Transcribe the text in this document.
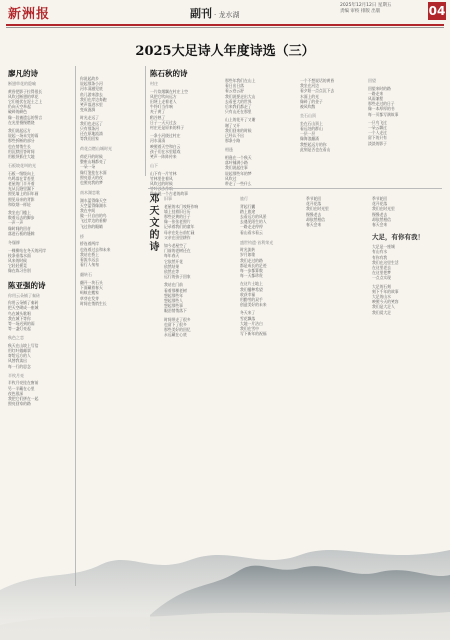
新洲报	副刊 · 龙水湖
2025年12月12日 星期五
责编 审校 排版 出版	04
2025大足诗人年度诗选（三）
廖凡的诗
断翅草花的隐喻
黄昏把影子拉得很长
风吹过断翅的草花
它们低伏在泥土之上
仍向天空举起
破碎的颜色
像一段被遗忘的誓言
在光里慢慢燃烧
我们说起远方
说起一场未完的雨
那些折断的部分
也在悄悄生长
用沉默回答时间
用根须抓住大地
石板坡花叫的光
石板一级级向上
鸟鸣落在青苔里
老屋的门半开着
光从瓦缝里漏下
照见墙上的旧年画
照见母亲的背影
和炊烟一样轻
我坐在门槛上
数着远去的脚步
一声一声
像时间的回音
落进石板的缝隙
冬爆柳
一棵柳站在冬天的河岸
枝条垂落水面
风来的时候
它轻轻摇晃
像在练习告别
陈亚强的诗
你用云朵铺了秦砖
你用云朵铺了秦砖
把天空砌成一座城
鸟在城头歌唱
我在城下等你
等一场迟到的雨
等一盏灯亮起
秋色之恋
秋天在山坡上写信
用红叶做邮票
寄给远方的人
风替我读出
每一行的思念
半枚月亮
半枚月亮挂在窗前
另一半藏在心里
夜色很深
我把它们拼在一起
照亮回家的路
你说起故乡
说起那条小河
河水清澈见底
鱼儿游来游去
我们在岸边奔跑
笑声落进水里
变成涟漪
时光走远了
我们也走远了
只有那条河
还在原地流淌
等我们回家
荷花点燃山城时光
荷花开的时候
整座山城都亮了
一朵一朵
像灯笼挂在水面
照亮夏天的夜
也照亮我的梦
南木湖恋歌
湖水蓝得像天空
天空蓝得像湖水
我在中间
做一只自由的鸟
飞过岸边的垂柳
飞过你的眼睛
桥
桥连着两岸
也连着过去和未来
我站在桥上
看流水远去
看行人匆匆
翻转石
翻开一块石头
下面藏着春天
蚂蚁在搬家
草芽在发芽
时间在悄悄生长
陈石秋的诗
村庄
一片炊烟飘在村庄上空
风把它吹向远方
田埂上走着老人
牛铃叮当作响
麦子黄了
稻谷熟了
日子一天天过去
村庄还是原来的样子
一条小河绕过村庄
河水清清
映照着天空和白云
孩子们在水里嬉戏
笑声一阵阵传来
山下
山下有一片竹林
竹林里住着风
风吹过的时候
竹叶沙沙作响
像在说一个古老的故事
那些年我们在山上
看日出日落
看云卷云舒
我们说要走出大山
去看更大的世界
后来我们都走了
只有山还在那里
山上的花开了又谢
谢了又开
我们回来的时候
已经认不出
那条小路
相逢
相逢在一个秋天
落叶铺满小路
我们说起往事
说起那些年的梦
风吹过
带走了一些什么
一个不想说话的黄昏
我坐在河边
看夕阳一点点沉下去
水面上的光
像碎了的金子
被风吹散
坐石山顶
坐在石山顶上
看远处的群山
一层一层
像海浪翻涌
我想起远方的你
此刻是否也在看山
回望
回望来时的路
一路走来
风雨兼程
那些走过的日子
像一本厚厚的书
每一页都写满故事
一只鸟飞过
一朵云飘过
一个人走过
留下的只有
淡淡的影子
邓天文的诗	旧事
老屋的木门吱呀作响
墙上挂着旧日历
那些泛黄的日子
像一张张老照片
记录着我们的童年
母亲在灶台前忙碌
父亲在田里耕作
如今老屋空了
门前的老树还在
每年春天
它依然开花
依然结果
依然在等
远行的孩子回家
我站在门前
看着那棵老树
想起那些年
想起那些人
想起那些事
眼泪悄悄落下
时间带走了很多
也留下了很多
那些美好的回忆
永远藏在心底
旅行
背起行囊
踏上旅途
去看远方的风景
去遇见陌生的人
一路走走停停
看山看水看云
盛世钧遗·首利荣光
时光流转
岁月如歌
我们走过的路
都是成长的足迹
每一步都算数
每一天都珍贵
在这片土地上
我们播种希望
收获幸福
用勤劳的双手
创造美好的未来
冬天来了
雪花飘落
大地一片洁白
我们在雪中
写下新年的祝福
季节轮回
花开花落
我们在时光里
慢慢老去
却依然相信
春天会来
季节轮回
花开花落
我们在时光里
慢慢老去
却依然相信
春天会来
大足，有你有我！
大足是一座城
有山有水
有你有我
我们在这里生活
在这里老去
在这里把梦
一点点实现
大足的石刻
刻下千年的故事
大足的山水
映照今天的笑容
我们是大足人
我们爱大足
